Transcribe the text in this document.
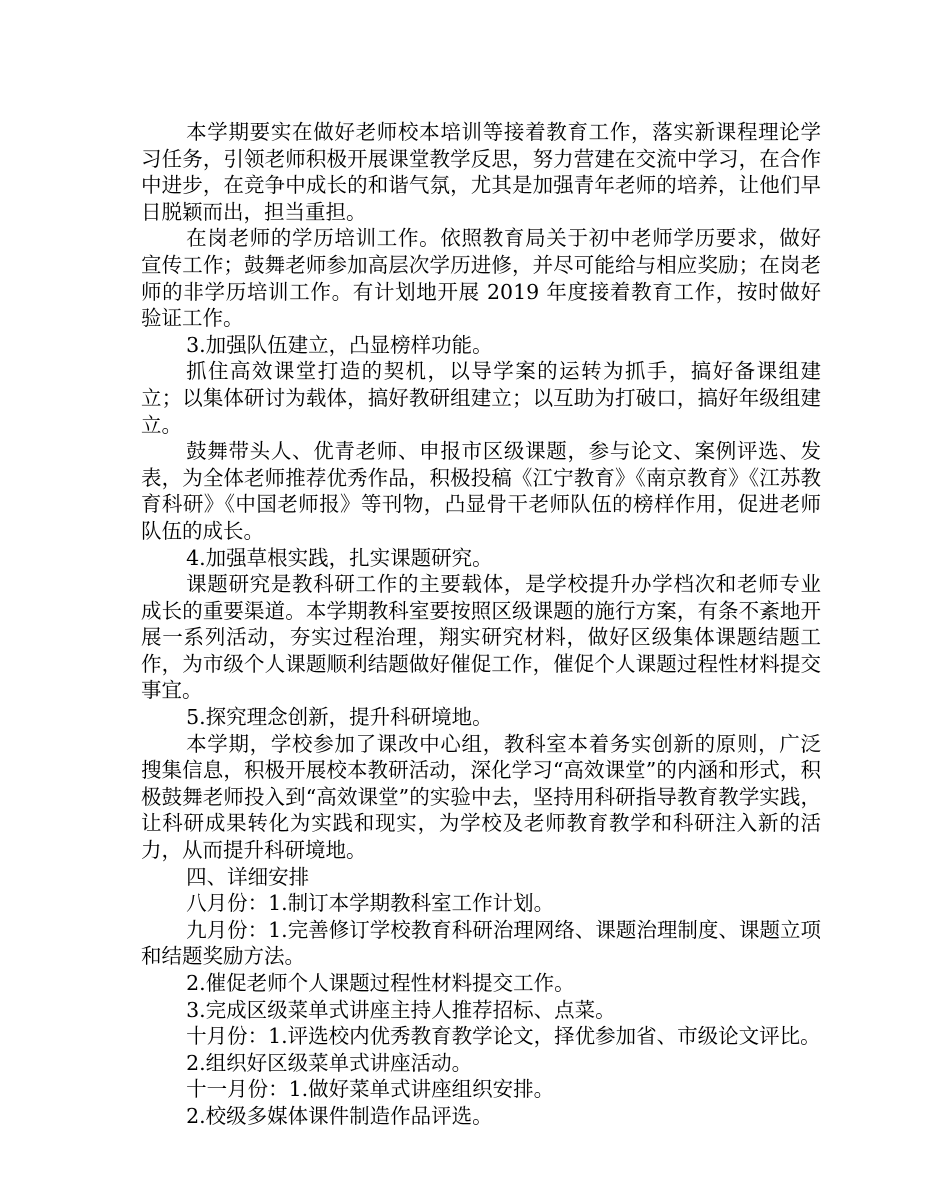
本学期要实在做好老师校本培训等接着教育工作，落实新课程理论学习任务，引领老师积极开展课堂教学反思，努力营建在交流中学习，在合作中进步，在竞争中成长的和谐气氛，尤其是加强青年老师的培养，让他们早日脱颖而出，担当重担。

在岗老师的学历培训工作。依照教育局关于初中老师学历要求，做好宣传工作；鼓舞老师参加高层次学历进修，并尽可能给与相应奖励；在岗老师的非学历培训工作。有计划地开展 2019 年度接着教育工作，按时做好验证工作。

3.加强队伍建立，凸显榜样功能。

抓住高效课堂打造的契机，以导学案的运转为抓手，搞好备课组建立；以集体研讨为载体，搞好教研组建立；以互助为打破口，搞好年级组建立。

鼓舞带头人、优青老师、申报市区级课题，参与论文、案例评选、发表，为全体老师推荐优秀作品，积极投稿《江宁教育》《南京教育》《江苏教育科研》《中国老师报》等刊物，凸显骨干老师队伍的榜样作用，促进老师队伍的成长。

4.加强草根实践，扎实课题研究。

课题研究是教科研工作的主要载体，是学校提升办学档次和老师专业成长的重要渠道。本学期教科室要按照区级课题的施行方案，有条不紊地开展一系列活动，夯实过程治理，翔实研究材料，做好区级集体课题结题工作，为市级个人课题顺利结题做好催促工作，催促个人课题过程性材料提交事宜。

5.探究理念创新，提升科研境地。

本学期，学校参加了课改中心组，教科室本着务实创新的原则，广泛搜集信息，积极开展校本教研活动，深化学习“高效课堂”的内涵和形式，积极鼓舞老师投入到“高效课堂”的实验中去，坚持用科研指导教育教学实践，让科研成果转化为实践和现实，为学校及老师教育教学和科研注入新的活力，从而提升科研境地。

四、详细安排

八月份：1.制订本学期教科室工作计划。

九月份：1.完善修订学校教育科研治理网络、课题治理制度、课题立项和结题奖励方法。

2.催促老师个人课题过程性材料提交工作。

3.完成区级菜单式讲座主持人推荐招标、点菜。

十月份：1.评选校内优秀教育教学论文，择优参加省、市级论文评比。

2.组织好区级菜单式讲座活动。

十一月份：1.做好菜单式讲座组织安排。

2.校级多媒体课件制造作品评选。
